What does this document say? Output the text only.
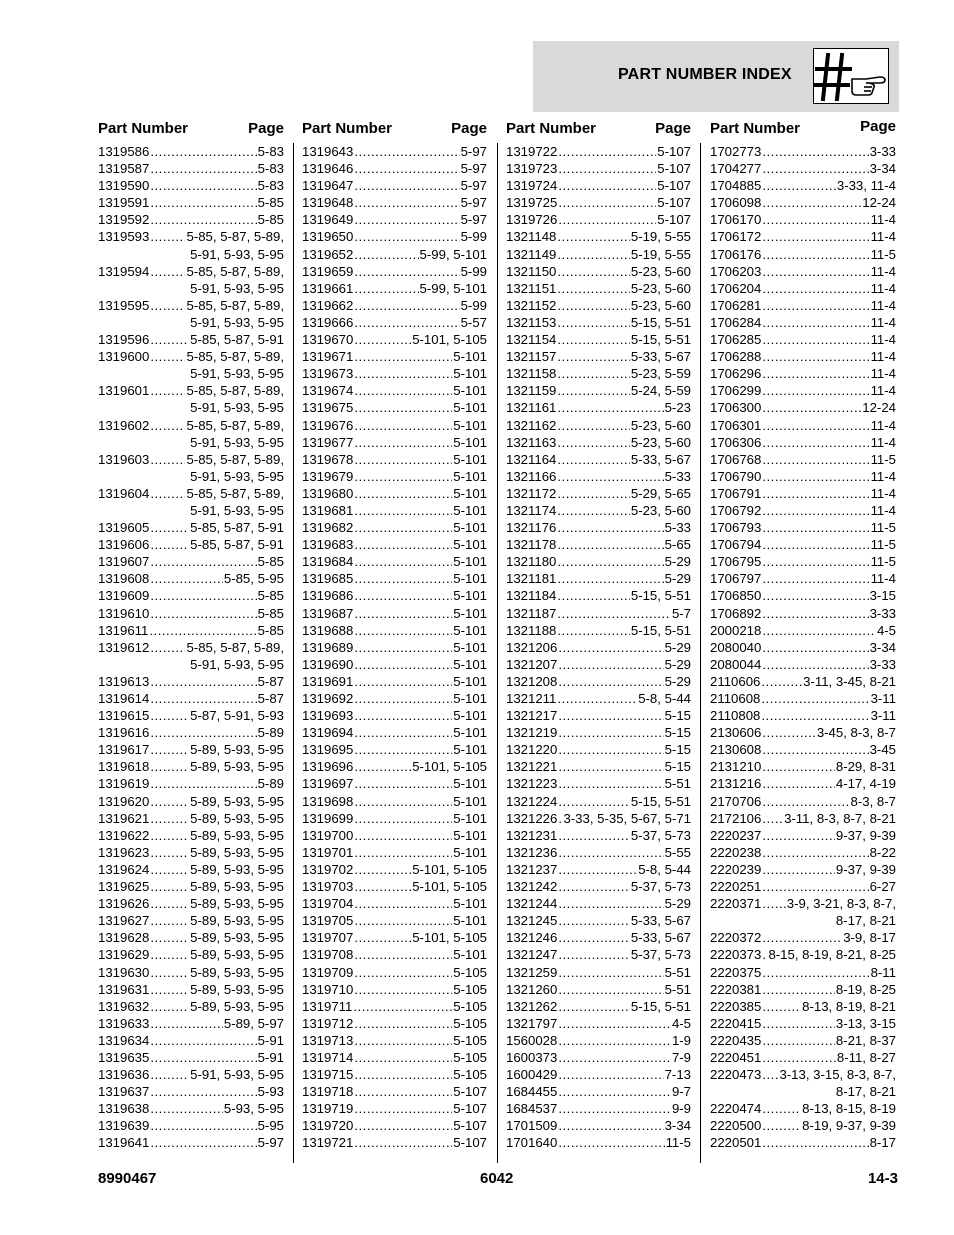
PART NUMBER INDEX
Part Number	Page
1319586 .....	5-83
1319587 .....	5-83
1319590 .....	5-83
1319591 .....	5-85
1319592 .....	5-85
1319593 .....	5-85, 5-87, 5-89,
5-91, 5-93, 5-95
1319594 .....	5-85, 5-87, 5-89,
5-91, 5-93, 5-95
1319595 .....	5-85, 5-87, 5-89,
5-91, 5-93, 5-95
1319596 .....	5-85, 5-87, 5-91
1319600 .....	5-85, 5-87, 5-89,
5-91, 5-93, 5-95
1319601 .....	5-85, 5-87, 5-89,
5-91, 5-93, 5-95
1319602 .....	5-85, 5-87, 5-89,
5-91, 5-93, 5-95
1319603 .....	5-85, 5-87, 5-89,
5-91, 5-93, 5-95
1319604 .....	5-85, 5-87, 5-89,
5-91, 5-93, 5-95
1319605 .....	5-85, 5-87, 5-91
1319606 .....	5-85, 5-87, 5-91
1319607 .....	5-85
1319608 .....	5-85, 5-95
1319609 .....	5-85
1319610 .....	5-85
1319611 .....	5-85
1319612 .....	5-85, 5-87, 5-89,
5-91, 5-93, 5-95
1319613 .....	5-87
1319614 .....	5-87
1319615 .....	5-87, 5-91, 5-93
1319616 .....	5-89
1319617 .....	5-89, 5-93, 5-95
1319618 .....	5-89, 5-93, 5-95
1319619 .....	5-89
1319620 .....	5-89, 5-93, 5-95
1319621 .....	5-89, 5-93, 5-95
1319622 .....	5-89, 5-93, 5-95
1319623 .....	5-89, 5-93, 5-95
1319624 .....	5-89, 5-93, 5-95
1319625 .....	5-89, 5-93, 5-95
1319626 .....	5-89, 5-93, 5-95
1319627 .....	5-89, 5-93, 5-95
1319628 .....	5-89, 5-93, 5-95
1319629 .....	5-89, 5-93, 5-95
1319630 .....	5-89, 5-93, 5-95
1319631 .....	5-89, 5-93, 5-95
1319632 .....	5-89, 5-93, 5-95
1319633 .....	5-89, 5-97
1319634 .....	5-91
1319635 .....	5-91
1319636 .....	5-91, 5-93, 5-95
1319637 .....	5-93
1319638 .....	5-93, 5-95
1319639 .....	5-95
1319641 .....	5-97
Part Number	Page
1319643 .....	5-97
1319646 .....	5-97
1319647 .....	5-97
1319648 .....	5-97
1319649 .....	5-97
1319650 .....	5-99
1319652 .....	5-99, 5-101
1319659 .....	5-99
1319661 .....	5-99, 5-101
1319662 .....	5-99
1319666 .....	5-57
1319670 .....	5-101, 5-105
1319671 .....	5-101
1319673 .....	5-101
1319674 .....	5-101
1319675 .....	5-101
1319676 .....	5-101
1319677 .....	5-101
1319678 .....	5-101
1319679 .....	5-101
1319680 .....	5-101
1319681 .....	5-101
1319682 .....	5-101
1319683 .....	5-101
1319684 .....	5-101
1319685 .....	5-101
1319686 .....	5-101
1319687 .....	5-101
1319688 .....	5-101
1319689 .....	5-101
1319690 .....	5-101
1319691 .....	5-101
1319692 .....	5-101
1319693 .....	5-101
1319694 .....	5-101
1319695 .....	5-101
1319696 .....	5-101, 5-105
1319697 .....	5-101
1319698 .....	5-101
1319699 .....	5-101
1319700 .....	5-101
1319701 .....	5-101
1319702 .....	5-101, 5-105
1319703 .....	5-101, 5-105
1319704 .....	5-101
1319705 .....	5-101
1319707 .....	5-101, 5-105
1319708 .....	5-101
1319709 .....	5-105
1319710 .....	5-105
1319711 .....	5-105
1319712 .....	5-105
1319713 .....	5-105
1319714 .....	5-105
1319715 .....	5-105
1319718 .....	5-107
1319719 .....	5-107
1319720 .....	5-107
1319721 .....	5-107
Part Number	Page
1319722 .....	5-107
1319723 .....	5-107
1319724 .....	5-107
1319725 .....	5-107
1319726 .....	5-107
1321148 .....	5-19, 5-55
1321149 .....	5-19, 5-55
1321150 .....	5-23, 5-60
1321151 .....	5-23, 5-60
1321152 .....	5-23, 5-60
1321153 .....	5-15, 5-51
1321154 .....	5-15, 5-51
1321157 .....	5-33, 5-67
1321158 .....	5-23, 5-59
1321159 .....	5-24, 5-59
1321161 .....	5-23
1321162 .....	5-23, 5-60
1321163 .....	5-23, 5-60
1321164 .....	5-33, 5-67
1321166 .....	5-33
1321172 .....	5-29, 5-65
1321174 .....	5-23, 5-60
1321176 .....	5-33
1321178 .....	5-65
1321180 .....	5-29
1321181 .....	5-29
1321184 .....	5-15, 5-51
1321187 .....	5-7
1321188 .....	5-15, 5-51
1321206 .....	5-29
1321207 .....	5-29
1321208 .....	5-29
1321211 .....	5-8, 5-44
1321217 .....	5-15
1321219 .....	5-15
1321220 .....	5-15
1321221 .....	5-15
1321223 .....	5-51
1321224 .....	5-15, 5-51
1321226 ..... 3-33, 5-35, 5-67, 5-71
1321231 .....	5-37, 5-73
1321236 .....	5-55
1321237 .....	5-8, 5-44
1321242 .....	5-37, 5-73
1321244 .....	5-29
1321245 .....	5-33, 5-67
1321246 .....	5-33, 5-67
1321247 .....	5-37, 5-73
1321259 .....	5-51
1321260 .....	5-51
1321262 .....	5-15, 5-51
1321797 .....	4-5
1560028 .....	1-9
1600373 .....	7-9
1600429 .....	7-13
1684455 .....	9-7
1684537 .....	9-9
1701509 .....	3-34
1701640 .....	11-5
Part Number	Page
1702773 .....	3-33
1704277 .....	3-34
1704885 .....	3-33, 11-4
1706098 .....	12-24
1706170 .....	11-4
1706172 .....	11-4
1706176 .....	11-5
1706203 .....	11-4
1706204 .....	11-4
1706281 .....	11-4
1706284 .....	11-4
1706285 .....	11-4
1706288 .....	11-4
1706296 .....	11-4
1706299 .....	11-4
1706300 .....	12-24
1706301 .....	11-4
1706306 .....	11-4
1706768 .....	11-5
1706790 .....	11-4
1706791 .....	11-4
1706792 .....	11-4
1706793 .....	11-5
1706794 .....	11-5
1706795 .....	11-5
1706797 .....	11-4
1706850 .....	3-15
1706892 .....	3-33
2000218 .....	4-5
2080040 .....	3-34
2080044 .....	3-33
2110606 .....	3-11, 3-45, 8-21
2110608 .....	3-11
2110808 .....	3-11
2130606 .....	3-45, 8-3, 8-7
2130608 .....	3-45
2131210 .....	8-29, 8-31
2131216 .....	4-17, 4-19
2170706 .....	8-3, 8-7
2172106 ..... 3-11, 8-3, 8-7, 8-21
2220237 .....	9-37, 9-39
2220238 .....	8-22
2220239 .....	9-37, 9-39
2220251 .....	6-27
2220371 ..... 3-9, 3-21, 8-3, 8-7,
8-17, 8-21
2220372 .....	3-9, 8-17
2220373 ..... 8-15, 8-19, 8-21, 8-25
2220375 .....	8-11
2220381 .....	8-19, 8-25
2220385 .....	8-13, 8-19, 8-21
2220415 .....	3-13, 3-15
2220435 .....	8-21, 8-37
2220451 .....	8-11, 8-27
2220473 ..... 3-13, 3-15, 8-3, 8-7,
8-17, 8-21
2220474 .....	8-13, 8-15, 8-19
2220500 .....	8-19, 9-37, 9-39
2220501 .....	8-17
8990467	6042	14-3
